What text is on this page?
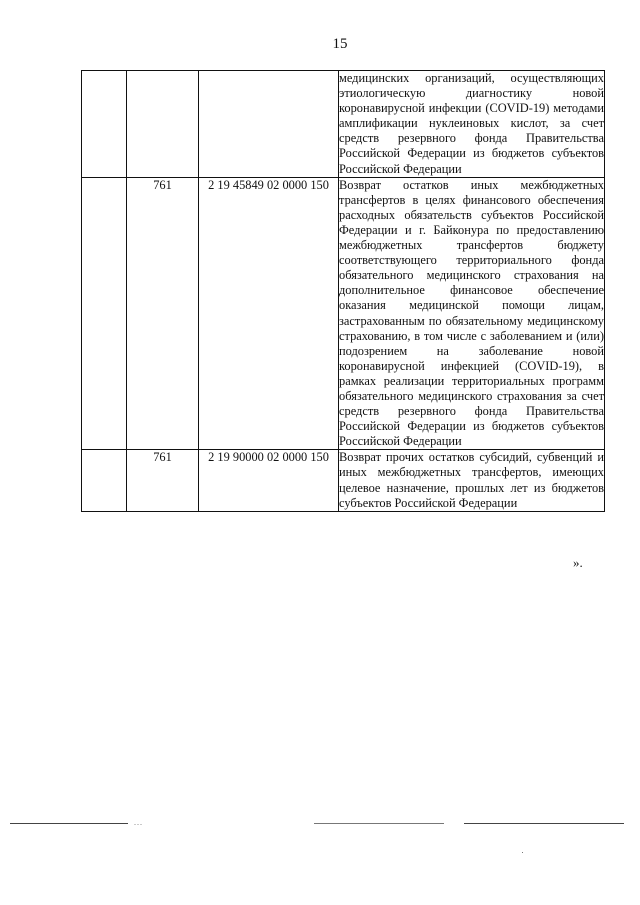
15

			медицинских организаций, осуществляющих этиологическую диагностику новой коронавирусной инфекции (COVID-19) методами амплификации нуклеиновых кислот, за счет средств резервного фонда Правительства Российской Федерации из бюджетов субъектов Российской Федерации

	761	2 19 45849 02 0000 150	Возврат остатков иных межбюджетных трансфертов в целях финансового обеспечения расходных обязательств субъектов Российской Федерации и г. Байконура по предоставлению межбюджетных трансфертов бюджету соответствующего территориального фонда обязательного медицинского страхования на дополнительное финансовое обеспечение оказания медицинской помощи лицам, застрахованным по обязательному медицинскому страхованию, в том числе с заболеванием и (или) подозрением на заболевание новой коронавирусной инфекцией (COVID-19), в рамках реализации территориальных программ обязательного медицинского страхования за счет средств резервного фонда Правительства Российской Федерации из бюджетов субъектов Российской Федерации

	761	2 19 90000 02 0000 150	Возврат прочих остатков субсидий, субвенций и иных межбюджетных трансфертов, имеющих целевое назначение, прошлых лет из бюджетов субъектов Российской Федерации
».
...
